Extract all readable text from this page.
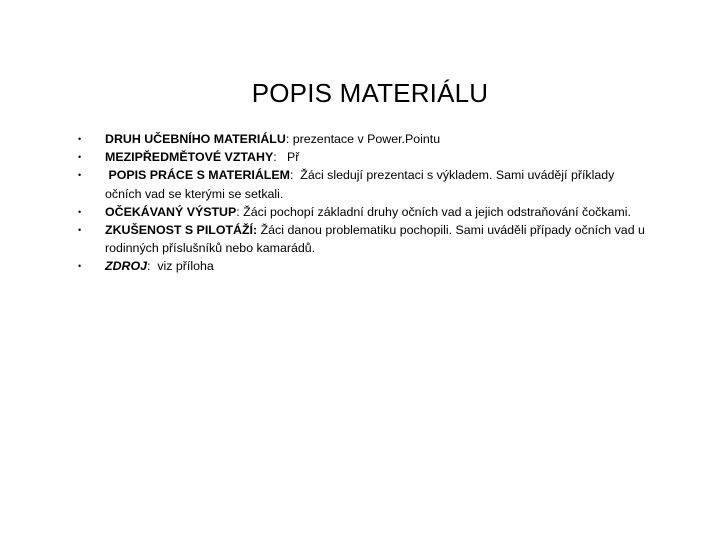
POPIS MATERIÁLU
• DRUH UČEBNÍHO MATERIÁLU: prezentace v Power.Pointu
• MEZIPŘEDMĚTOVÉ VZTAHY:   Př
• POPIS PRÁCE S MATERIÁLEM:  Žáci sledují prezentaci s výkladem. Sami uvádějí příklady očních vad se kterými se setkali.
• OČEKÁVANÝ VÝSTUP: Žáci pochopí základní druhy očních vad a jejich odstraňování čočkami.
• ZKUŠENOST S PILOTÁŽÍ: Žáci danou problematiku pochopili. Sami uváděli případy očních vad u rodinných příslušníků nebo kamarádů.
• ZDROJ:  viz příloha
